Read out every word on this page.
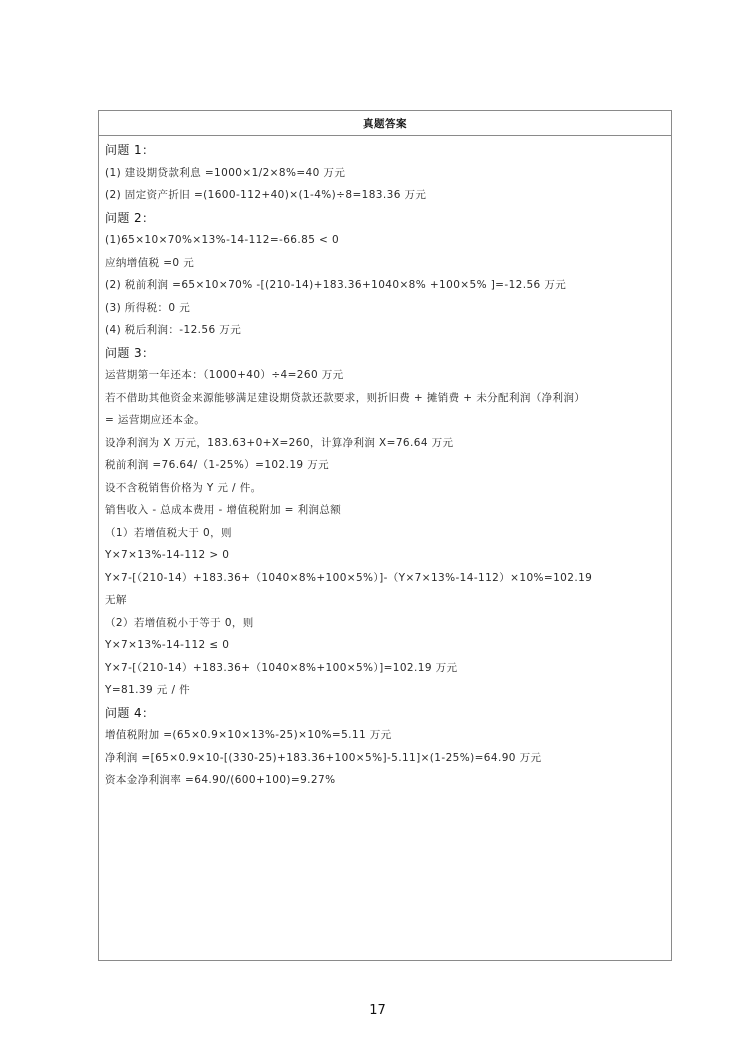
真题答案
问题 1：
(1) 建设期贷款利息 =1000×1/2×8%=40 万元
(2) 固定资产折旧 =(1600-112+40)×(1-4%)÷8=183.36 万元
问题 2：
(1)65×10×70%×13%-14-112=-66.85 < 0
应纳增值税 =0 元
(2) 税前利润 =65×10×70% -[(210-14)+183.36+1040×8% +100×5% ]=-12.56 万元
(3) 所得税：0 元
(4) 税后利润：-12.56 万元
问题 3：
运营期第一年还本：（1000+40）÷4=260 万元
若不借助其他资金来源能够满足建设期贷款还款要求，则折旧费 + 摊销费 + 未分配利润（净利润）
= 运营期应还本金。
设净利润为 X 万元，183.63+0+X=260，计算净利润 X=76.64 万元
税前利润 =76.64/（1-25%）=102.19 万元
设不含税销售价格为 Y 元 / 件。
销售收入 - 总成本费用 - 增值税附加 = 利润总额
（1）若增值税大于 0，则
Y×7×13%-14-112 > 0
Y×7-[（210-14）+183.36+（1040×8%+100×5%）]-（Y×7×13%-14-112）×10%=102.19
无解
（2）若增值税小于等于 0，则
Y×7×13%-14-112 ≤ 0
Y×7-[（210-14）+183.36+（1040×8%+100×5%）]=102.19 万元
Y=81.39 元 / 件
问题 4：
增值税附加 =(65×0.9×10×13%-25)×10%=5.11 万元
净利润 =[65×0.9×10-[(330-25)+183.36+100×5%]-5.11]×(1-25%)=64.90 万元
资本金净利润率 =64.90/(600+100)=9.27%
17
